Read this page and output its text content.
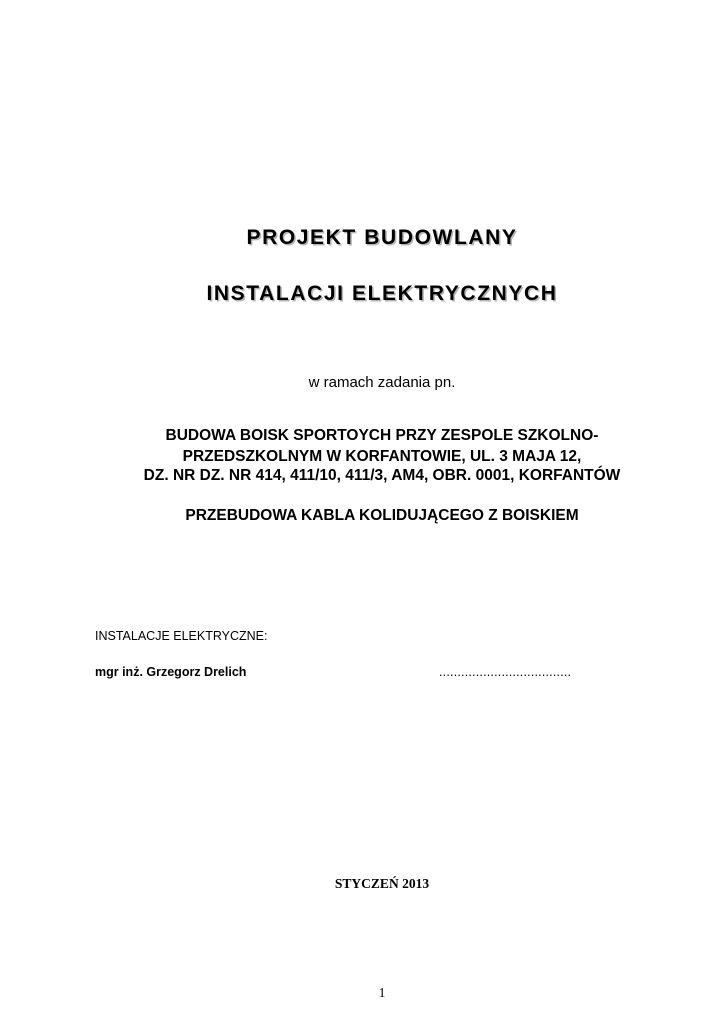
PROJEKT BUDOWLANY
INSTALACJI ELEKTRYCZNYCH
w ramach zadania pn.
BUDOWA BOISK SPORTOYCH PRZY ZESPOLE SZKOLNO-
PRZEDSZKOLNYM W KORFANTOWIE, UL. 3 MAJA 12,
DZ. NR DZ. NR 414, 411/10, 411/3, AM4, OBR. 0001, KORFANTÓW
PRZEBUDOWA KABLA KOLIDUJĄCEGO Z BOISKIEM
INSTALACJE ELEKTRYCZNE:
mgr inż. Grzegorz Drelich	....................................
STYCZEŃ 2013
1
